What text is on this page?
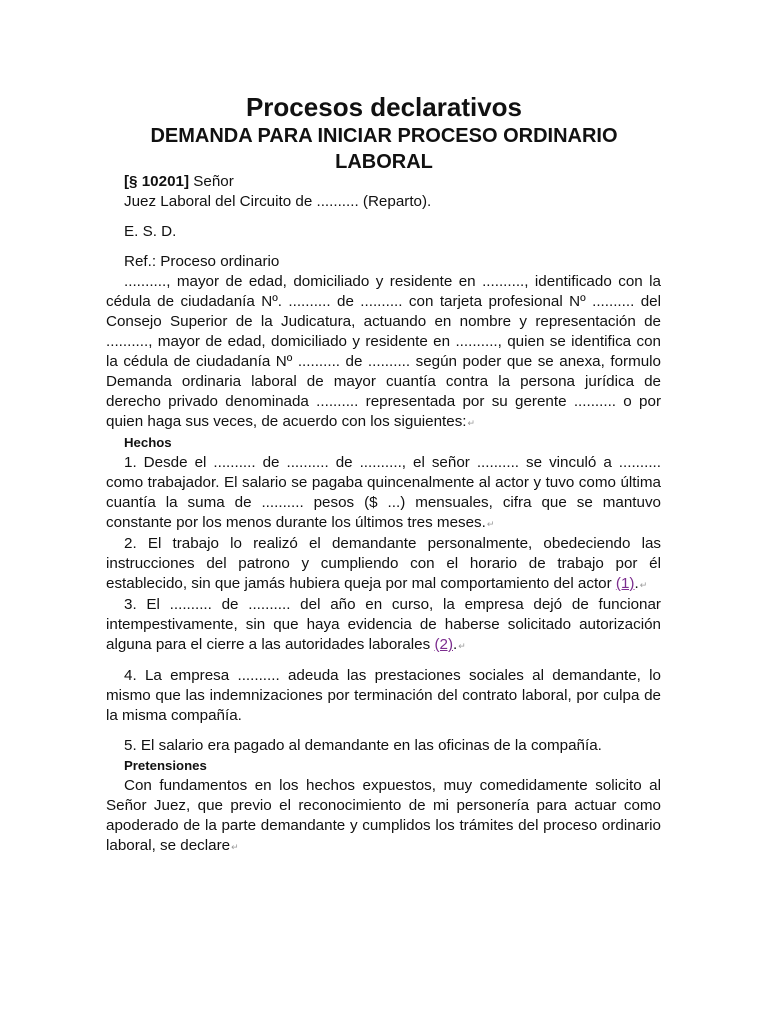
Procesos declarativos
DEMANDA PARA INICIAR PROCESO ORDINARIO LABORAL
[§ 10201] Señor
Juez Laboral del Circuito de .......... (Reparto).
E. S. D.
Ref.: Proceso ordinario
.........., mayor de edad, domiciliado y residente en .........., identificado con la cédula de ciudadanía Nº. .......... de .......... con tarjeta profesional Nº .......... del Consejo Superior de la Judicatura, actuando en nombre y representación de .........., mayor de edad, domiciliado y residente en .........., quien se identifica con la cédula de ciudadanía Nº .......... de .......... según poder que se anexa, formulo Demanda ordinaria laboral de mayor cuantía contra la persona jurídica de derecho privado denominada .......... representada por su gerente .......... o por quien haga sus veces, de acuerdo con los siguientes:↵
Hechos
1. Desde el .......... de .......... de .........., el señor .......... se vinculó a .......... como trabajador. El salario se pagaba quincenalmente al actor y tuvo como última cuantía la suma de .......... pesos ($ ...) mensuales, cifra que se mantuvo constante por los menos durante los últimos tres meses.↵
2. El trabajo lo realizó el demandante personalmente, obedeciendo las instrucciones del patrono y cumpliendo con el horario de trabajo por él establecido, sin que jamás hubiera queja por mal comportamiento del actor (1).↵
3. El .......... de .......... del año en curso, la empresa dejó de funcionar intempestivamente, sin que haya evidencia de haberse solicitado autorización alguna para el cierre a las autoridades laborales (2).↵
4. La empresa .......... adeuda las prestaciones sociales al demandante, lo mismo que las indemnizaciones por terminación del contrato laboral, por culpa de la misma compañía.
5. El salario era pagado al demandante en las oficinas de la compañía.
Pretensiones
Con fundamentos en los hechos expuestos, muy comedidamente solicito al Señor Juez, que previo el reconocimiento de mi personería para actuar como apoderado de la parte demandante y cumplidos los trámites del proceso ordinario laboral, se declare↵
